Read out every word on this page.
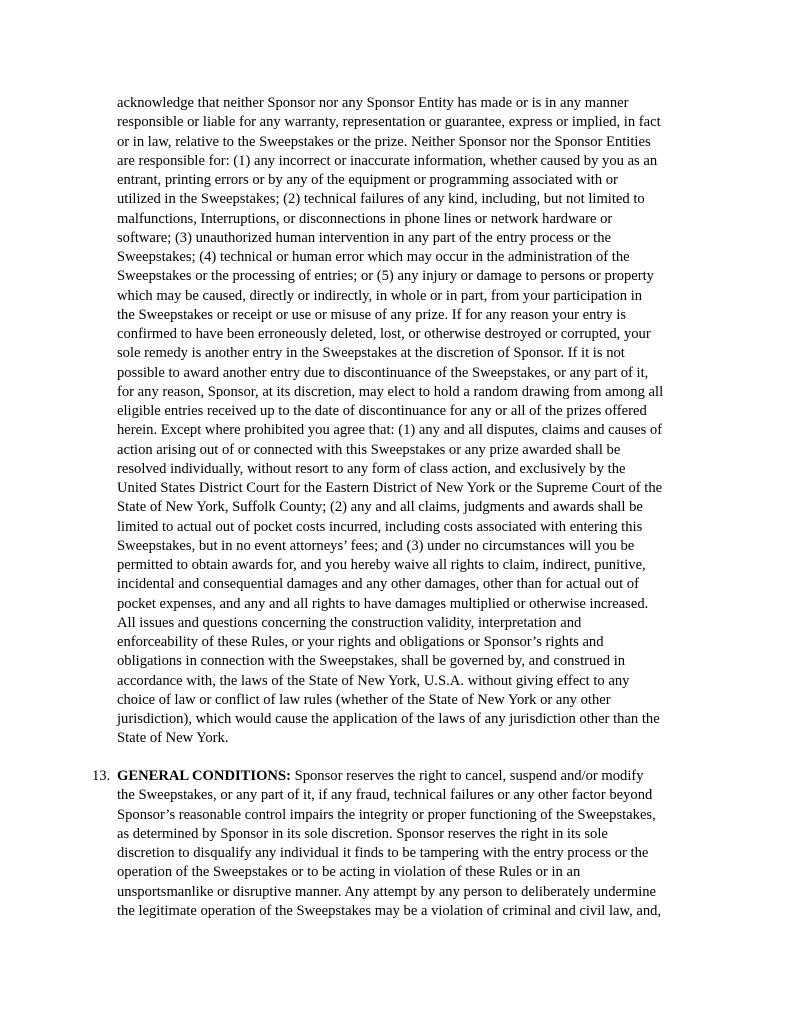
acknowledge that neither Sponsor nor any Sponsor Entity has made or is in any manner
responsible or liable for any warranty, representation or guarantee, express or implied, in fact
or in law, relative to the Sweepstakes or the prize. Neither Sponsor nor the Sponsor Entities
are responsible for: (1) any incorrect or inaccurate information, whether caused by you as an
entrant, printing errors or by any of the equipment or programming associated with or
utilized in the Sweepstakes; (2) technical failures of any kind, including, but not limited to
malfunctions, Interruptions, or disconnections in phone lines or network hardware or
software; (3) unauthorized human intervention in any part of the entry process or the
Sweepstakes; (4) technical or human error which may occur in the administration of the
Sweepstakes or the processing of entries; or (5) any injury or damage to persons or property
which may be caused, directly or indirectly, in whole or in part, from your participation in
the Sweepstakes or receipt or use or misuse of any prize. If for any reason your entry is
confirmed to have been erroneously deleted, lost, or otherwise destroyed or corrupted, your
sole remedy is another entry in the Sweepstakes at the discretion of Sponsor. If it is not
possible to award another entry due to discontinuance of the Sweepstakes, or any part of it,
for any reason, Sponsor, at its discretion, may elect to hold a random drawing from among all
eligible entries received up to the date of discontinuance for any or all of the prizes offered
herein. Except where prohibited you agree that: (1) any and all disputes, claims and causes of
action arising out of or connected with this Sweepstakes or any prize awarded shall be
resolved individually, without resort to any form of class action, and exclusively by the
United States District Court for the Eastern District of New York or the Supreme Court of the
State of New York, Suffolk County; (2) any and all claims, judgments and awards shall be
limited to actual out of pocket costs incurred, including costs associated with entering this
Sweepstakes, but in no event attorneys’ fees; and (3) under no circumstances will you be
permitted to obtain awards for, and you hereby waive all rights to claim, indirect, punitive,
incidental and consequential damages and any other damages, other than for actual out of
pocket expenses, and any and all rights to have damages multiplied or otherwise increased.
All issues and questions concerning the construction validity, interpretation and
enforceability of these Rules, or your rights and obligations or Sponsor’s rights and
obligations in connection with the Sweepstakes, shall be governed by, and construed in
accordance with, the laws of the State of New York, U.S.A. without giving effect to any
choice of law or conflict of law rules (whether of the State of New York or any other
jurisdiction), which would cause the application of the laws of any jurisdiction other than the
State of New York.
13. GENERAL CONDITIONS: Sponsor reserves the right to cancel, suspend and/or modify
the Sweepstakes, or any part of it, if any fraud, technical failures or any other factor beyond
Sponsor’s reasonable control impairs the integrity or proper functioning of the Sweepstakes,
as determined by Sponsor in its sole discretion. Sponsor reserves the right in its sole
discretion to disqualify any individual it finds to be tampering with the entry process or the
operation of the Sweepstakes or to be acting in violation of these Rules or in an
unsportsmanlike or disruptive manner. Any attempt by any person to deliberately undermine
the legitimate operation of the Sweepstakes may be a violation of criminal and civil law, and,
